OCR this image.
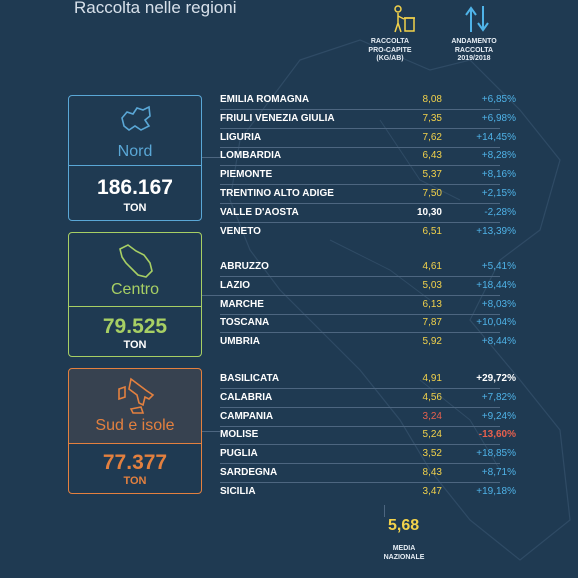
Raccolta nelle regioni
RACCOLTA
PRO-CAPITE
(KG/AB)
ANDAMENTO
RACCOLTA
2019/2018
Nord
186.167
TON
Centro
79.525
TON
Sud e isole
77.377
TON
EMILIA ROMAGNA	8,08	+6,85%
FRIULI VENEZIA GIULIA	7,35	+6,98%
LIGURIA	7,62	+14,45%
LOMBARDIA	6,43	+8,28%
PIEMONTE	5,37	+8,16%
TRENTINO ALTO ADIGE	7,50	+2,15%
VALLE D'AOSTA	10,30	-2,28%
VENETO	6,51	+13,39%
ABRUZZO	4,61	+5,41%
LAZIO	5,03	+18,44%
MARCHE	6,13	+8,03%
TOSCANA	7,87	+10,04%
UMBRIA	5,92	+8,44%
BASILICATA	4,91	+29,72%
CALABRIA	4,56	+7,82%
CAMPANIA	3,24	+9,24%
MOLISE	5,24	-13,60%
PUGLIA	3,52	+18,85%
SARDEGNA	8,43	+8,71%
SICILIA	3,47	+19,18%
5,68
MEDIA
NAZIONALE
